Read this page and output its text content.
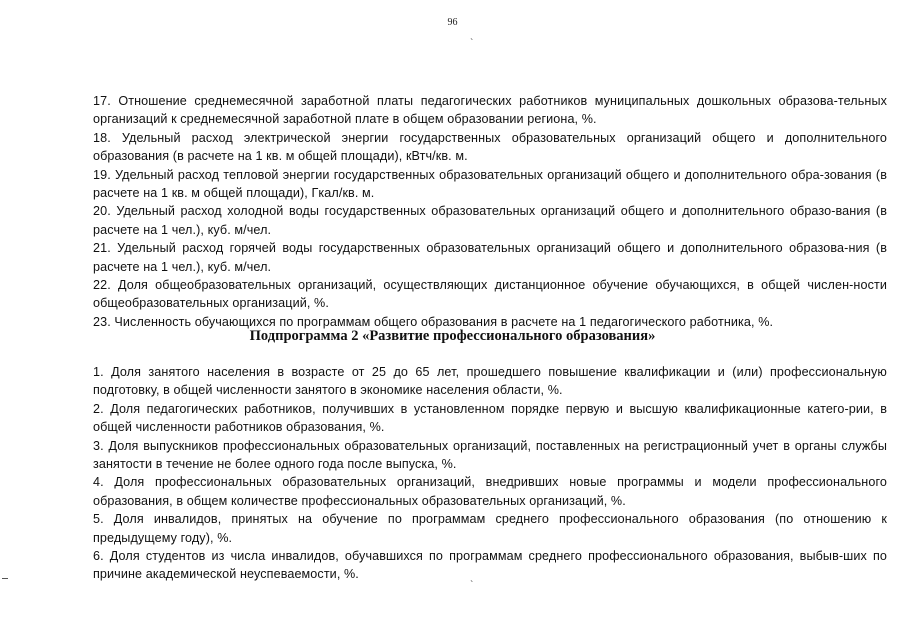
96
`
`
17. Отношение среднемесячной заработной платы педагогических работников муниципальных дошкольных образова-тельных организаций к среднемесячной заработной плате в общем образовании региона, %.
18. Удельный расход электрической энергии государственных образовательных организаций общего и дополнительного образования (в расчете на 1 кв. м общей площади), кВтч/кв. м.
19. Удельный расход тепловой энергии государственных образовательных организаций общего и дополнительного обра-зования (в расчете на 1 кв. м общей площади), Гкал/кв. м.
20. Удельный расход холодной воды государственных образовательных организаций общего и дополнительного образо-вания (в расчете на 1 чел.), куб. м/чел.
21. Удельный расход горячей воды государственных образовательных организаций общего и дополнительного образова-ния (в расчете на 1 чел.), куб. м/чел.
22. Доля общеобразовательных организаций, осуществляющих дистанционное обучение обучающихся, в общей числен-ности общеобразовательных организаций, %.
23. Численность обучающихся по программам общего образования в расчете на 1 педагогического работника, %.
Подпрограмма 2 «Развитие профессионального образования»
1. Доля занятого населения в возрасте от 25 до 65 лет, прошедшего повышение квалификации и (или) профессиональную подготовку, в общей численности занятого в экономике населения области, %.
2. Доля педагогических работников, получивших в установленном порядке первую и высшую квалификационные катего-рии, в общей численности работников образования, %.
3. Доля выпускников профессиональных образовательных организаций, поставленных на регистрационный учет в органы службы занятости в течение не более одного года после выпуска, %.
4. Доля профессиональных образовательных организаций, внедривших новые программы и модели профессионального образования, в общем количестве профессиональных образовательных организаций, %.
5. Доля инвалидов, принятых на обучение по программам среднего профессионального образования (по отношению к предыдущему году), %.
6. Доля студентов из числа инвалидов, обучавшихся по программам среднего профессионального образования, выбыв-ших по причине академической неуспеваемости, %.
